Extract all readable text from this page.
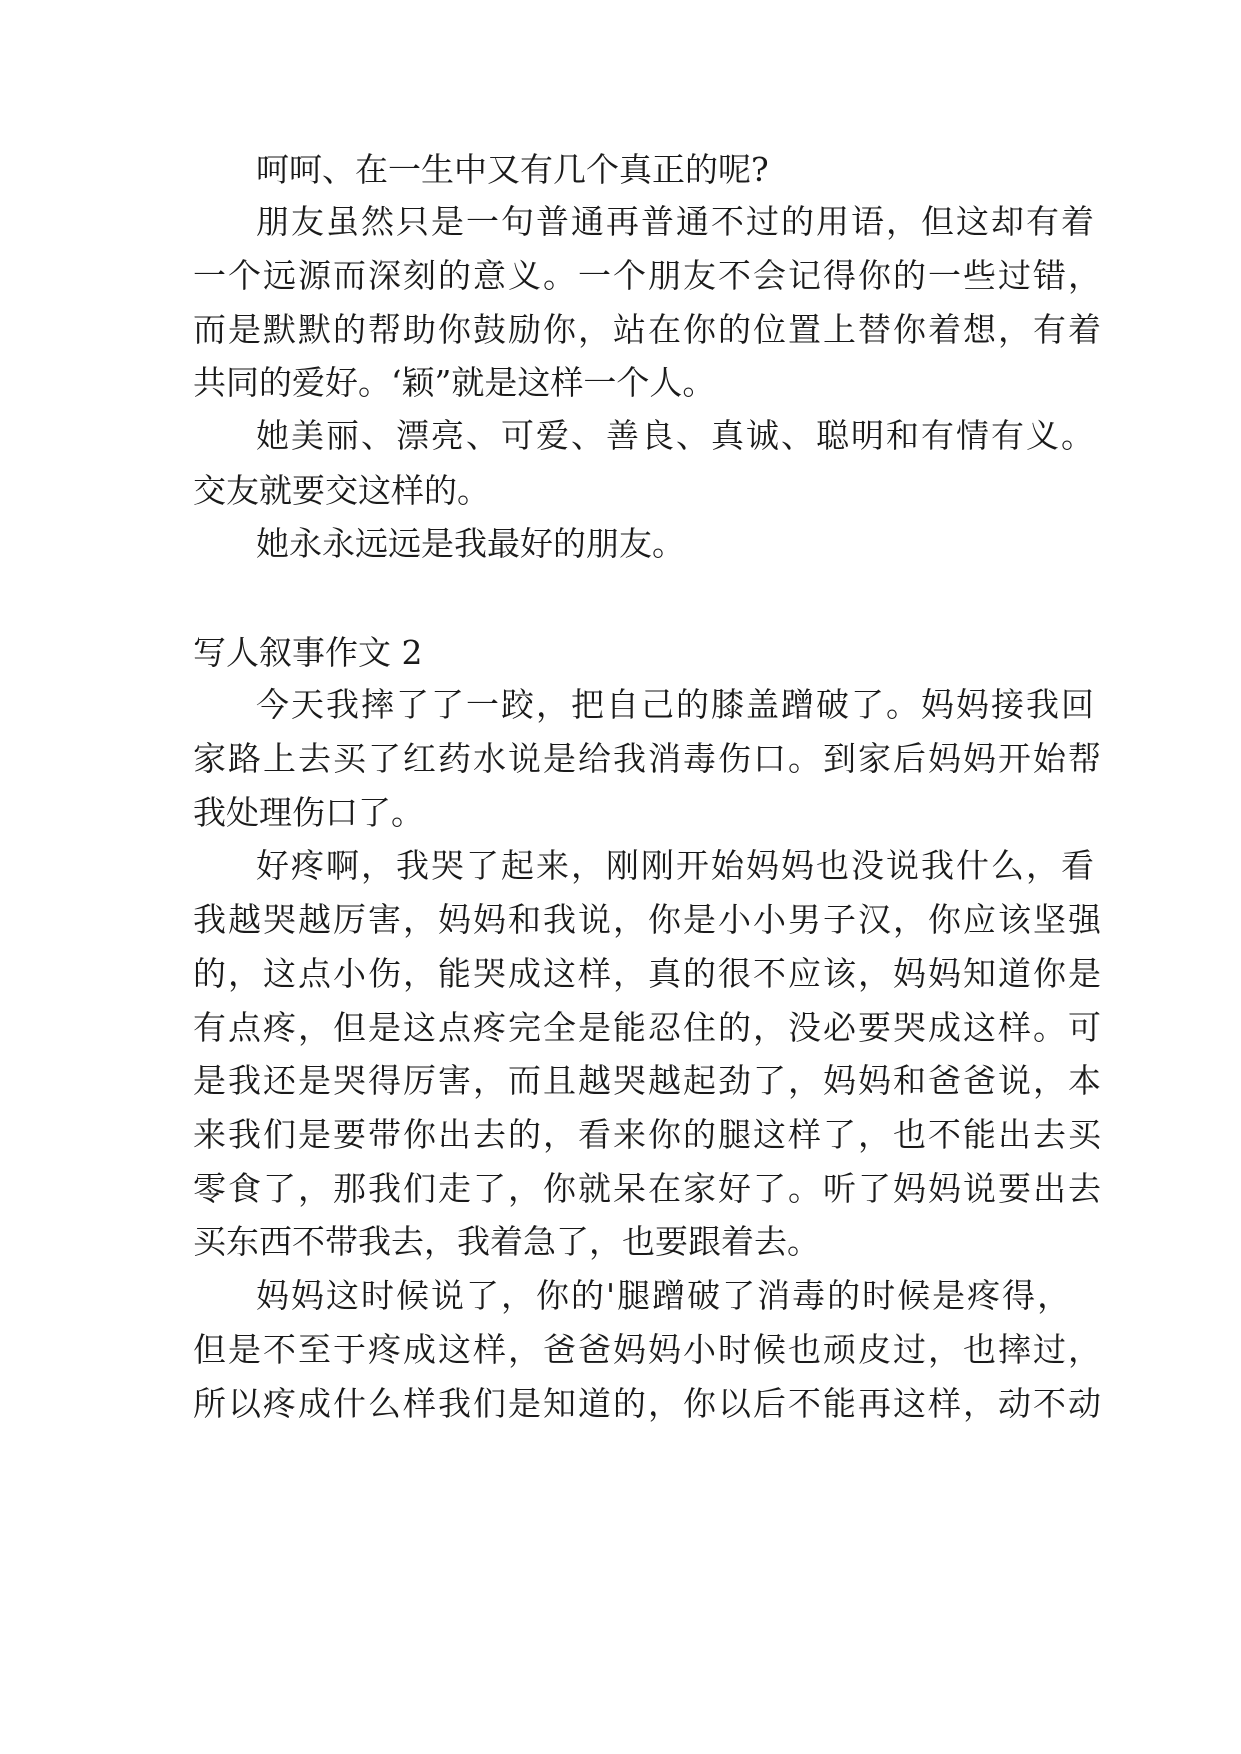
呵呵、在一生中又有几个真正的呢?

朋友虽然只是一句普通再普通不过的用语，但这却有着

一个远源而深刻的意义。一个朋友不会记得你的一些过错，

而是默默的帮助你鼓励你，站在你的位置上替你着想，有着

共同的爱好。‘颖”就是这样一个人。

她美丽、漂亮、可爱、善良、真诚、聪明和有情有义。

交友就要交这样的。

她永永远远是我最好的朋友。

写人叙事作文 2

今天我摔了了一跤，把自己的膝盖蹭破了。妈妈接我回

家路上去买了红药水说是给我消毒伤口。到家后妈妈开始帮

我处理伤口了。

好疼啊，我哭了起来，刚刚开始妈妈也没说我什么，看

我越哭越厉害，妈妈和我说，你是小小男子汉，你应该坚强

的，这点小伤，能哭成这样，真的很不应该，妈妈知道你是

有点疼，但是这点疼完全是能忍住的，没必要哭成这样。可

是我还是哭得厉害，而且越哭越起劲了，妈妈和爸爸说，本

来我们是要带你出去的，看来你的腿这样了，也不能出去买

零食了，那我们走了，你就呆在家好了。听了妈妈说要出去

买东西不带我去，我着急了，也要跟着去。

妈妈这时候说了，你的'腿蹭破了消毒的时候是疼得，

但是不至于疼成这样，爸爸妈妈小时候也顽皮过，也摔过，

所以疼成什么样我们是知道的，你以后不能再这样，动不动
